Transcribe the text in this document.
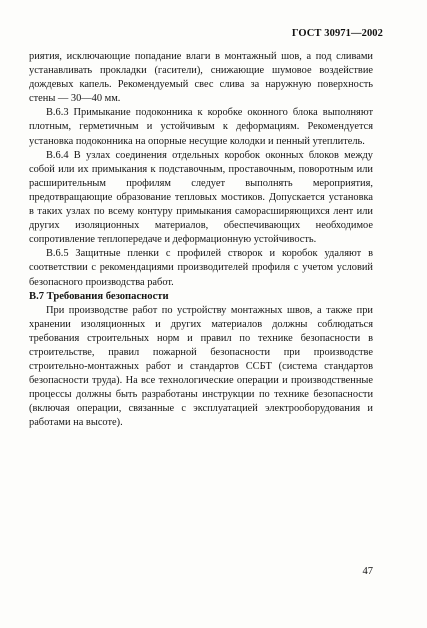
ГОСТ 30971—2002

риятия, исключающие попадание влаги в монтажный шов, а под сливами устанавливать прокладки (гасители), снижающие шумовое воздействие дождевых капель. Рекомендуемый свес слива за наружную поверхность стены — 30—40 мм.

В.6.3 Примыкание подоконника к коробке оконного блока выполняют плотным, герметичным и устойчивым к деформациям. Рекомендуется установка подоконника на опорные несущие колодки и пенный утеплитель.

В.6.4 В узлах соединения отдельных коробок оконных блоков между собой или их примыкания к подставочным, проставочным, поворотным или расширительным профилям следует выполнять мероприятия, предотвращающие образование тепловых мостиков. Допускается установка в таких узлах по всему контуру примыкания самораcширяющихся лент или других изоляционных материалов, обеспечивающих необходимое сопротивление теплопередаче и деформационную устойчивость.

В.6.5 Защитные пленки с профилей створок и коробок удаляют в соответствии с рекомендациями производителей профиля с учетом условий безопасного производства работ.

В.7 Требования безопасности

При производстве работ по устройству монтажных швов, а также при хранении изоляционных и других материалов должны соблюдаться требования строительных норм и правил по технике безопасности в строительстве, правил пожарной безопасности при производстве строительно-монтажных работ и стандартов ССБТ (система стандартов безопасности труда). На все технологические операции и производственные процессы должны быть разработаны инструкции по технике безопасности (включая операции, связанные с эксплуатацией электрооборудования и работами на высоте).

47
